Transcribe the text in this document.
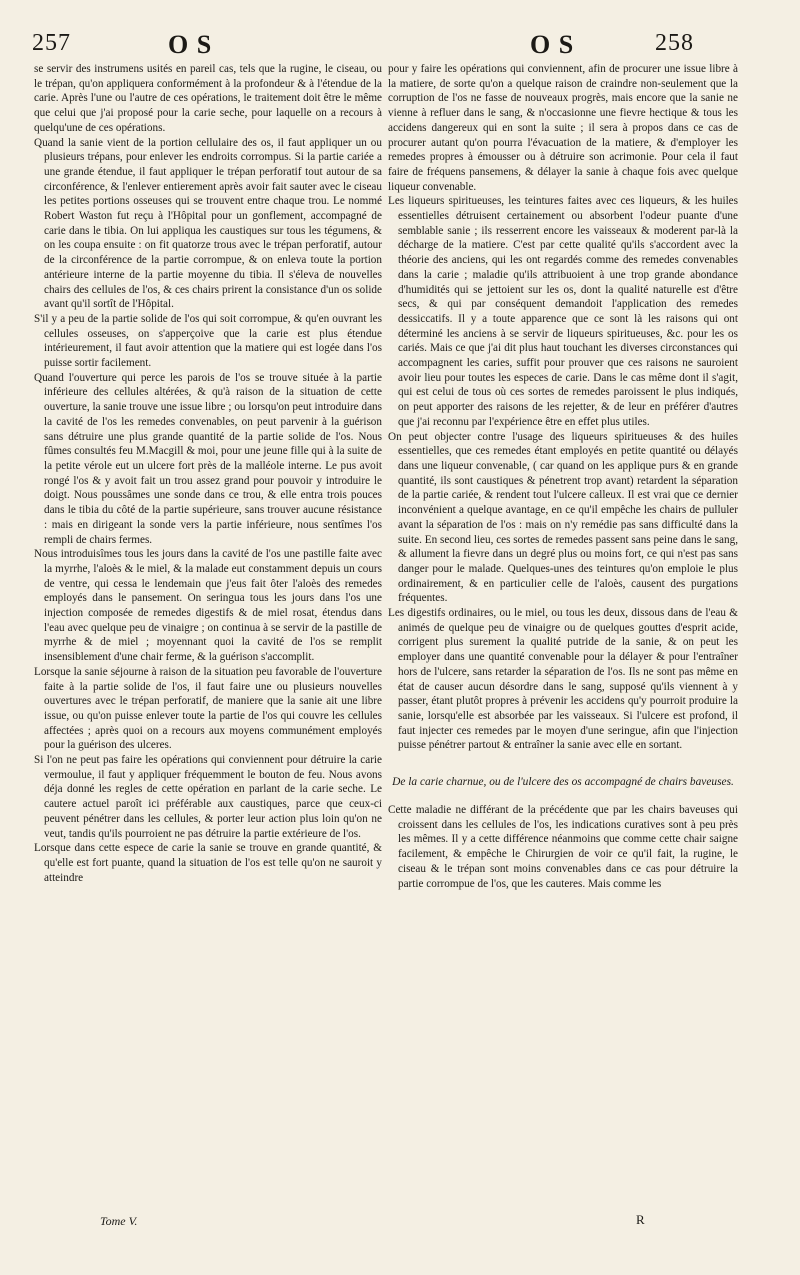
257	O S	O S	258

se servir des instrumens usités en pareil cas, tels que la rugine, le ciseau, ou le trépan, qu'on appliquera conformément à la profondeur & à l'étendue de la carie. Après l'une ou l'autre de ces opérations, le traitement doit être le même que celui que j'ai proposé pour la carie seche, pour laquelle on a recours à quelqu'une de ces opérations.

Quand la sanie vient de la portion cellulaire des os, il faut appliquer un ou plusieurs trépans, pour enlever les endroits corrompus. Si la partie cariée a une grande étendue, il faut appliquer le trépan perforatif tout autour de sa circonférence, & l'enlever entierement après avoir fait sauter avec le ciseau les petites portions osseuses qui se trouvent entre chaque trou. Le nommé Robert Waston fut reçu à l'Hôpital pour un gonflement, accompagné de carie dans le tibia. On lui appliqua les caustiques sur tous les tégumens, & on les coupa ensuite : on fit quatorze trous avec le trépan perforatif, autour de la circonférence de la partie corrompue, & on enleva toute la portion antérieure interne de la partie moyenne du tibia. Il s'éleva de nouvelles chairs des cellules de l'os, & ces chairs prirent la consistance d'un os solide avant qu'il sortît de l'Hôpital.

S'il y a peu de la partie solide de l'os qui soit corrompue, & qu'en ouvrant les cellules osseuses, on s'apperçoive que la carie est plus étendue intérieurement, il faut avoir attention que la matiere qui est logée dans l'os puisse sortir facilement.

Quand l'ouverture qui perce les parois de l'os se trouve située à la partie inférieure des cellules altérées, & qu'à raison de la situation de cette ouverture, la sanie trouve une issue libre ; ou lorsqu'on peut introduire dans la cavité de l'os les remedes convenables, on peut parvenir à la guérison sans détruire une plus grande quantité de la partie solide de l'os. Nous fûmes consultés feu M.Macgill & moi, pour une jeune fille qui à la suite de la petite vérole eut un ulcere fort près de la malléole interne. Le pus avoit rongé l'os & y avoit fait un trou assez grand pour pouvoir y introduire le doigt. Nous poussâmes une sonde dans ce trou, & elle entra trois pouces dans le tibia du côté de la partie supérieure, sans trouver aucune résistance : mais en dirigeant la sonde vers la partie inférieure, nous sentîmes l'os rempli de chairs fermes.

Nous introduisîmes tous les jours dans la cavité de l'os une pastille faite avec la myrrhe, l'aloès & le miel, & la malade eut constamment depuis un cours de ventre, qui cessa le lendemain que j'eus fait ôter l'aloès des remedes employés dans le pansement. On seringua tous les jours dans l'os une injection composée de remedes digestifs & de miel rosat, étendus dans l'eau avec quelque peu de vinaigre ; on continua à se servir de la pastille de myrrhe & de miel ; moyennant quoi la cavité de l'os se remplit insensiblement d'une chair ferme, & la guérison s'accomplit.

Lorsque la sanie séjourne à raison de la situation peu favorable de l'ouverture faite à la partie solide de l'os, il faut faire une ou plusieurs nouvelles ouvertures avec le trépan perforatif, de maniere que la sanie ait une libre issue, ou qu'on puisse enlever toute la partie de l'os qui couvre les cellules affectées ; après quoi on a recours aux moyens communément employés pour la guérison des ulceres.

Si l'on ne peut pas faire les opérations qui conviennent pour détruire la carie vermoulue, il faut y appliquer fréquemment le bouton de feu. Nous avons déja donné les regles de cette opération en parlant de la carie seche. Le cautere actuel paroît ici préférable aux caustiques, parce que ceux-ci peuvent pénétrer dans les cellules, & porter leur action plus loin qu'on ne veut, tandis qu'ils pourroient ne pas détruire la partie extérieure de l'os.

Lorsque dans cette espece de carie la sanie se trouve en grande quantité, & qu'elle est fort puante, quand la situation de l'os est telle qu'on ne sauroit y atteindre

pour y faire les opérations qui conviennent, afin de procurer une issue libre à la matiere, de sorte qu'on a quelque raison de craindre non-seulement que la corruption de l'os ne fasse de nouveaux progrès, mais encore que la sanie ne vienne à refluer dans le sang, & n'occasionne une fievre hectique & tous les accidens dangereux qui en sont la suite ; il sera à propos dans ce cas de procurer autant qu'on pourra l'évacuation de la matiere, & d'employer les remedes propres à émousser ou à détruire son acrimonie. Pour cela il faut faire de fréquens pansemens, & délayer la sanie à chaque fois avec quelque liqueur convenable.

Les liqueurs spiritueuses, les teintures faites avec ces liqueurs, & les huiles essentielles détruisent certainement ou absorbent l'odeur puante d'une semblable sanie ; ils resserrent encore les vaisseaux & moderent par-là la décharge de la matiere. C'est par cette qualité qu'ils s'accordent avec la théorie des anciens, qui les ont regardés comme des remedes convenables dans la carie ; maladie qu'ils attribuoient à une trop grande abondance d'humidités qui se jettoient sur les os, dont la qualité naturelle est d'être secs, & qui par conséquent demandoit l'application des remedes dessiccatifs. Il y a toute apparence que ce sont là les raisons qui ont déterminé les anciens à se servir de liqueurs spiritueuses, &c. pour les os cariés. Mais ce que j'ai dit plus haut touchant les diverses circonstances qui accompagnent les caries, suffit pour prouver que ces raisons ne sauroient avoir lieu pour toutes les especes de carie. Dans le cas même dont il s'agit, qui est celui de tous où ces sortes de remedes paroissent le plus indiqués, on peut apporter des raisons de les rejetter, & de leur en préférer d'autres que j'ai reconnu par l'expérience être en effet plus utiles.

On peut objecter contre l'usage des liqueurs spiritueuses & des huiles essentielles, que ces remedes étant employés en petite quantité ou délayés dans une liqueur convenable, ( car quand on les applique purs & en grande quantité, ils sont caustiques & pénetrent trop avant) retardent la séparation de la partie cariée, & rendent tout l'ulcere calleux. Il est vrai que ce dernier inconvénient a quelque avantage, en ce qu'il empêche les chairs de pulluler avant la séparation de l'os : mais on n'y remédie pas sans difficulté dans la suite. En second lieu, ces sortes de remedes passent sans peine dans le sang, & allument la fievre dans un degré plus ou moins fort, ce qui n'est pas sans danger pour le malade. Quelques-unes des teintures qu'on emploie le plus ordinairement, & en particulier celle de l'aloès, causent des purgations fréquentes.

Les digestifs ordinaires, ou le miel, ou tous les deux, dissous dans de l'eau & animés de quelque peu de vinaigre ou de quelques gouttes d'esprit acide, corrigent plus surement la qualité putride de la sanie, & on peut les employer dans une quantité convenable pour la délayer & pour l'entraîner hors de l'ulcere, sans retarder la séparation de l'os. Ils ne sont pas même en état de causer aucun désordre dans le sang, supposé qu'ils viennent à y passer, étant plutôt propres à prévenir les accidens qu'y pourroit produire la sanie, lorsqu'elle est absorbée par les vaisseaux. Si l'ulcere est profond, il faut injecter ces remedes par le moyen d'une seringue, afin que l'injection puisse pénétrer partout & entraîner la sanie avec elle en sortant.

De la carie charnue, ou de l'ulcere des os accompagné de chairs baveuses.

Cette maladie ne différant de la précédente que par les chairs baveuses qui croissent dans les cellules de l'os, les indications curatives sont à peu près les mêmes. Il y a cette différence néanmoins que comme cette chair saigne facilement, & empêche le Chirurgien de voir ce qu'il fait, la rugine, le ciseau & le trépan sont moins convenables dans ce cas pour détruire la partie corrompue de l'os, que les cauteres. Mais comme les

Tome V.	R
